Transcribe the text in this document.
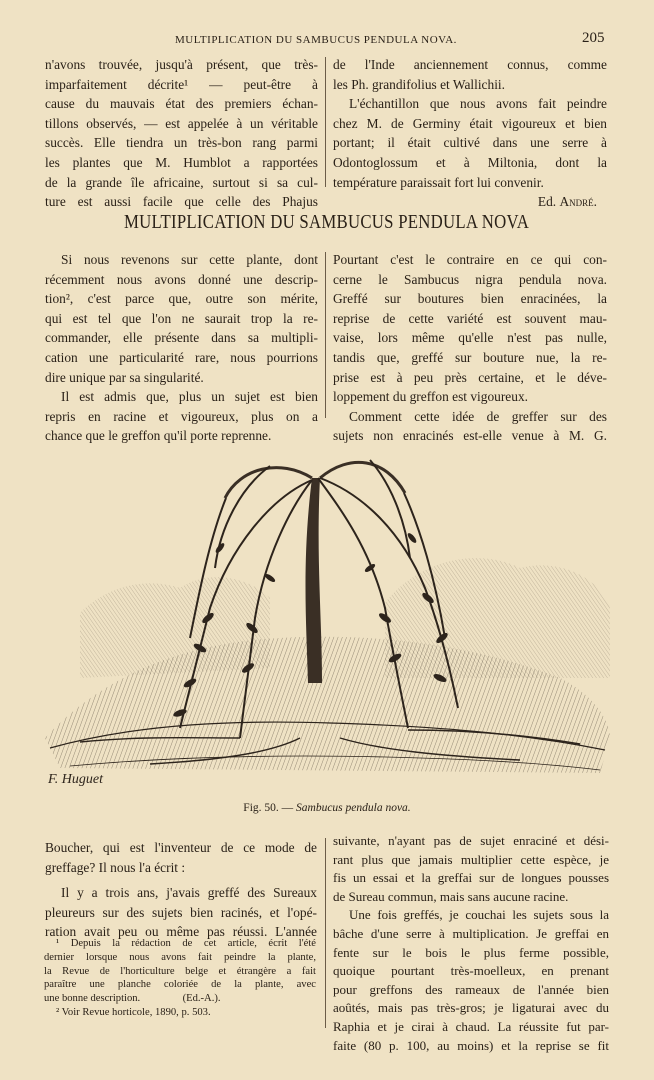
MULTIPLICATION DU SAMBUCUS PENDULA NOVA.	205

n'avons trouvée, jusqu'à présent, que très-

imparfaitement décrite¹ — peut-être à

cause du mauvais état des premiers échan-

tillons observés, — est appelée à un véritable

succès. Elle tiendra un très-bon rang parmi

les plantes que M. Humblot a rapportées

de la grande île africaine, surtout si sa cul-

ture est aussi facile que celle des Phajus

de l'Inde anciennement connus, comme

les Ph. grandifolius et Wallichii.

L'échantillon que nous avons fait peindre

chez M. de Germiny était vigoureux et bien

portant; il était cultivé dans une serre à

Odontoglossum et à Miltonia, dont la

température paraissait fort lui convenir.

Ed. André.

MULTIPLICATION DU SAMBUCUS PENDULA NOVA

Si nous revenons sur cette plante, dont

récemment nous avons donné une descrip-

tion², c'est parce que, outre son mérite,

qui est tel que l'on ne saurait trop la re-

commander, elle présente dans sa multipli-

cation une particularité rare, nous pourrions

dire unique par sa singularité.

Il est admis que, plus un sujet est bien

repris en racine et vigoureux, plus on a

chance que le greffon qu'il porte reprenne.

Pourtant c'est le contraire en ce qui con-

cerne le Sambucus nigra pendula nova.

Greffé sur boutures bien enracinées, la

reprise de cette variété est souvent mau-

vaise, lors même qu'elle n'est pas nulle,

tandis que, greffé sur bouture nue, la re-

prise est à peu près certaine, et le déve-

loppement du greffon est vigoureux.

Comment cette idée de greffer sur des

sujets non enracinés est-elle venue à M. G.

F. Huguet
Fig. 50. — Sambucus pendula nova.

Boucher, qui est l'inventeur de ce mode de

greffage? Il nous l'a écrit :

Il y a trois ans, j'avais greffé des Sureaux

pleureurs sur des sujets bien racinés, et l'opé-

ration avait peu ou même pas réussi. L'année

¹ Depuis la rédaction de cet article, écrit l'été

dernier lorsque nous avons fait peindre la plante,

la Revue de l'horticulture belge et étrangère a fait

paraître une planche coloriée de la plante, avec

une bonne description.                (Ed.-A.).

² Voir Revue horticole, 1890, p. 503.

suivante, n'ayant pas de sujet enraciné et dési-

rant plus que jamais multiplier cette espèce, je

fis un essai et la greffai sur de longues pousses

de Sureau commun, mais sans aucune racine.

Une fois greffés, je couchai les sujets sous la

bâche d'une serre à multiplication. Je greffai en

fente sur le bois le plus ferme possible,

quoique pourtant très-moelleux, en prenant

pour greffons des rameaux de l'année bien

aoûtés, mais pas très-gros; je ligaturai avec du

Raphia et je cirai à chaud. La réussite fut par-

faite (80 p. 100, au moins) et la reprise se fit
